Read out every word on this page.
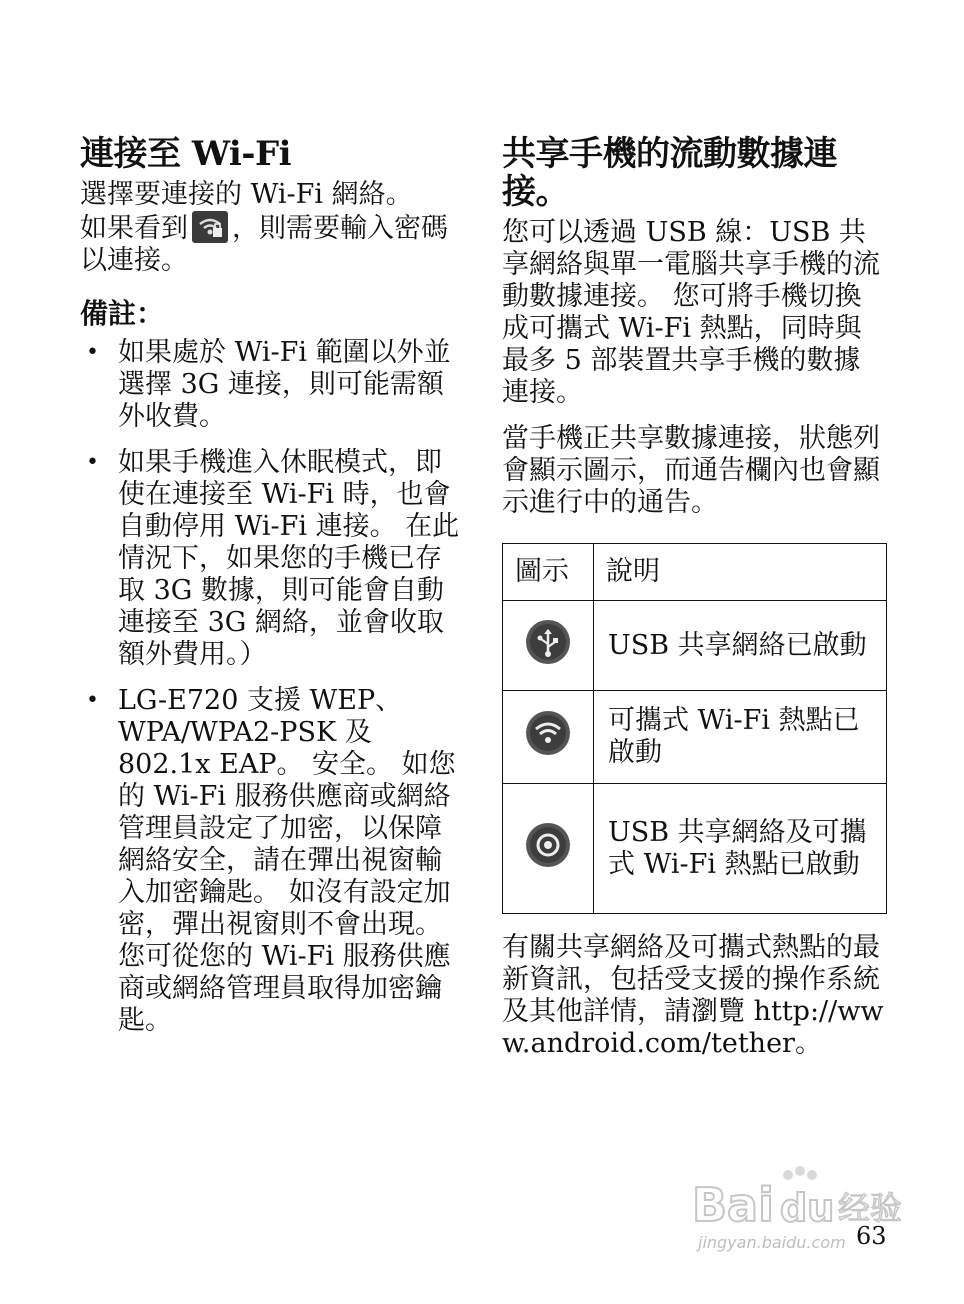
連接至 Wi-Fi

選擇要連接的 Wi-Fi 網絡。

如果看到 ，則需要輸入密碼以連接。

備註：
• 如果處於 Wi-Fi 範圍以外並選擇 3G 連接，則可能需額外收費。
• 如果手機進入休眠模式，即使在連接至 Wi-Fi 時，也會自動停用 Wi-Fi 連接。 在此情況下，如果您的手機已存取 3G 數據，則可能會自動連接至 3G 網絡，並會收取額外費用。）
• LG-E720 支援 WEP、WPA/WPA2-PSK 及 802.1x EAP。 安全。 如您的 Wi-Fi 服務供應商或網絡管理員設定了加密，以保障網絡安全，請在彈出視窗輸入加密鑰匙。 如沒有設定加密，彈出視窗則不會出現。 您可從您的 Wi-Fi 服務供應商或網絡管理員取得加密鑰匙。
共享手機的流動數據連接。

您可以透過 USB 線：USB 共享網絡與單一電腦共享手機的流動數據連接。 您可將手機切換成可攜式 Wi-Fi 熱點，同時與最多 5 部裝置共享手機的數據連接。

當手機正共享數據連接，狀態列會顯示圖示，而通告欄內也會顯示進行中的通告。

圖示	說明
	USB 共享網絡已啟動
	可攜式 Wi-Fi 熱點已啟動
	USB 共享網絡及可攜式 Wi-Fi 熱點已啟動

有關共享網絡及可攜式熱點的最新資訊，包括受支援的操作系統及其他詳情，請瀏覽 http://www.android.com/tether。

Bai du 经验
jingyan.baidu.com 63
